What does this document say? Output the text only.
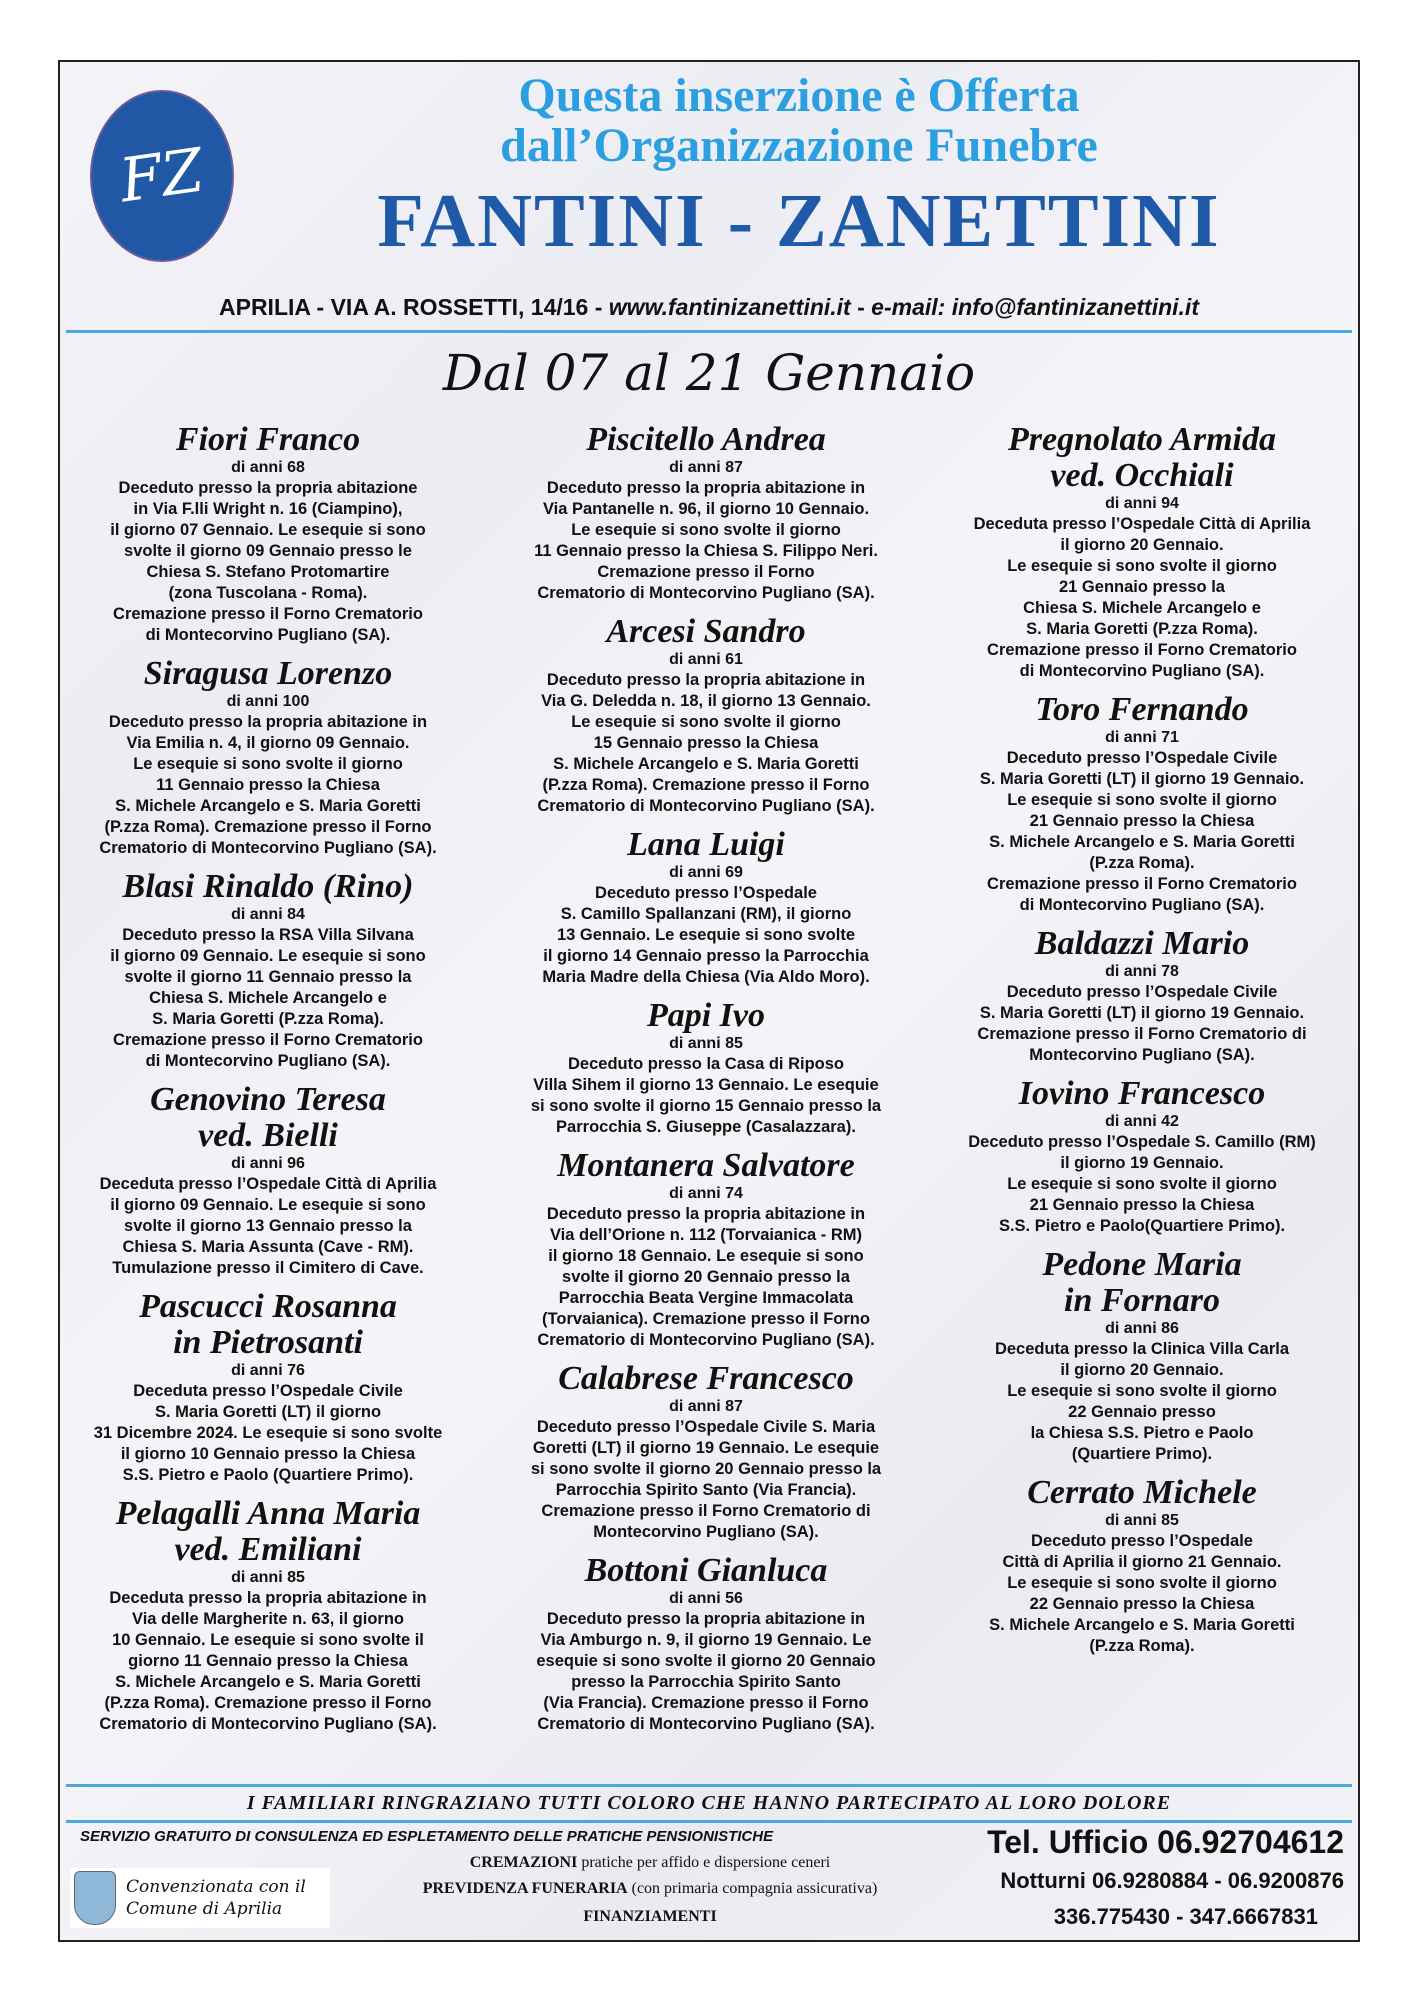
FZ
Questa inserzione è Offerta
dall’Organizzazione Funebre
FANTINI - ZANETTINI
APRILIA - VIA A. ROSSETTI, 14/16 - www.fantinizanettini.it - e-mail: info@fantinizanettini.it
Dal 07 al 21 Gennaio
Fiori Franco
di anni 68
Deceduto presso la propria abitazione
in Via F.lli Wright n. 16 (Ciampino),
il giorno 07 Gennaio. Le esequie si sono
svolte il giorno 09 Gennaio presso le
Chiesa S. Stefano Protomartire
(zona Tuscolana - Roma).
Cremazione presso il Forno Crematorio
di Montecorvino Pugliano (SA).
Siragusa Lorenzo
di anni 100
Deceduto presso la propria abitazione in
Via Emilia n. 4, il giorno 09 Gennaio.
Le esequie si sono svolte il giorno
11 Gennaio presso la Chiesa
S. Michele Arcangelo e S. Maria Goretti
(P.zza Roma). Cremazione presso il Forno
Crematorio di Montecorvino Pugliano (SA).
Blasi Rinaldo (Rino)
di anni 84
Deceduto presso la RSA Villa Silvana
il giorno 09 Gennaio. Le esequie si sono
svolte il giorno 11 Gennaio presso la
Chiesa S. Michele Arcangelo e
S. Maria Goretti (P.zza Roma).
Cremazione presso il Forno Crematorio
di Montecorvino Pugliano (SA).
Genovino Teresa
ved. Bielli
di anni 96
Deceduta presso l’Ospedale Città di Aprilia
il giorno 09 Gennaio. Le esequie si sono
svolte il giorno 13 Gennaio presso la
Chiesa S. Maria Assunta (Cave - RM).
Tumulazione presso il Cimitero di Cave.
Pascucci Rosanna
in Pietrosanti
di anni 76
Deceduta presso l’Ospedale Civile
S. Maria Goretti (LT) il giorno
31 Dicembre 2024. Le esequie si sono svolte
il giorno 10 Gennaio presso la Chiesa
S.S. Pietro e Paolo (Quartiere Primo).
Pelagalli Anna Maria
ved. Emiliani
di anni 85
Deceduta presso la propria abitazione in
Via delle Margherite n. 63, il giorno
10 Gennaio. Le esequie si sono svolte il
giorno 11 Gennaio presso la Chiesa
S. Michele Arcangelo e S. Maria Goretti
(P.zza Roma). Cremazione presso il Forno
Crematorio di Montecorvino Pugliano (SA).
Piscitello Andrea
di anni 87
Deceduto presso la propria abitazione in
Via Pantanelle n. 96, il giorno 10 Gennaio.
Le esequie si sono svolte il giorno
11 Gennaio presso la Chiesa S. Filippo Neri.
Cremazione presso il Forno
Crematorio di Montecorvino Pugliano (SA).
Arcesi Sandro
di anni 61
Deceduto presso la propria abitazione in
Via G. Deledda n. 18, il giorno 13 Gennaio.
Le esequie si sono svolte il giorno
15 Gennaio presso la Chiesa
S. Michele Arcangelo e S. Maria Goretti
(P.zza Roma). Cremazione presso il Forno
Crematorio di Montecorvino Pugliano (SA).
Lana Luigi
di anni 69
Deceduto presso l’Ospedale
S. Camillo Spallanzani (RM), il giorno
13 Gennaio. Le esequie si sono svolte
il giorno 14 Gennaio presso la Parrocchia
Maria Madre della Chiesa (Via Aldo Moro).
Papi Ivo
di anni 85
Deceduto presso la Casa di Riposo
Villa Sihem il giorno 13 Gennaio. Le esequie
si sono svolte il giorno 15 Gennaio presso la
Parrocchia S. Giuseppe (Casalazzara).
Montanera Salvatore
di anni 74
Deceduto presso la propria abitazione in
Via dell’Orione n. 112 (Torvaianica - RM)
il giorno 18 Gennaio. Le esequie si sono
svolte il giorno 20 Gennaio presso la
Parrocchia Beata Vergine Immacolata
(Torvaianica). Cremazione presso il Forno
Crematorio di Montecorvino Pugliano (SA).
Calabrese Francesco
di anni 87
Deceduto presso l’Ospedale Civile S. Maria
Goretti (LT) il giorno 19 Gennaio. Le esequie
si sono svolte il giorno 20 Gennaio presso la
Parrocchia Spirito Santo (Via Francia).
Cremazione presso il Forno Crematorio di
Montecorvino Pugliano (SA).
Bottoni Gianluca
di anni 56
Deceduto presso la propria abitazione in
Via Amburgo n. 9, il giorno 19 Gennaio. Le
esequie si sono svolte il giorno 20 Gennaio
presso la Parrocchia Spirito Santo
(Via Francia). Cremazione presso il Forno
Crematorio di Montecorvino Pugliano (SA).
Pregnolato Armida
ved. Occhiali
di anni 94
Deceduta presso l’Ospedale Città di Aprilia
il giorno 20 Gennaio.
Le esequie si sono svolte il giorno
21 Gennaio presso la
Chiesa S. Michele Arcangelo e
S. Maria Goretti (P.zza Roma).
Cremazione presso il Forno Crematorio
di Montecorvino Pugliano (SA).
Toro Fernando
di anni 71
Deceduto presso l’Ospedale Civile
S. Maria Goretti (LT) il giorno 19 Gennaio.
Le esequie si sono svolte il giorno
21 Gennaio presso la Chiesa
S. Michele Arcangelo e S. Maria Goretti
(P.zza Roma).
Cremazione presso il Forno Crematorio
di Montecorvino Pugliano (SA).
Baldazzi Mario
di anni 78
Deceduto presso l’Ospedale Civile
S. Maria Goretti (LT) il giorno 19 Gennaio.
Cremazione presso il Forno Crematorio di
Montecorvino Pugliano (SA).
Iovino Francesco
di anni 42
Deceduto presso l’Ospedale S. Camillo (RM)
il giorno 19 Gennaio.
Le esequie si sono svolte il giorno
21 Gennaio presso la Chiesa
S.S. Pietro e Paolo(Quartiere Primo).
Pedone Maria
in Fornaro
di anni 86
Deceduta presso la Clinica Villa Carla
il giorno 20 Gennaio.
Le esequie si sono svolte il giorno
22 Gennaio presso
la Chiesa S.S. Pietro e Paolo
(Quartiere Primo).
Cerrato Michele
di anni 85
Deceduto presso l’Ospedale
Città di Aprilia il giorno 21 Gennaio.
Le esequie si sono svolte il giorno
22 Gennaio presso la Chiesa
S. Michele Arcangelo e S. Maria Goretti
(P.zza Roma).
I FAMILIARI RINGRAZIANO TUTTI COLORO CHE HANNO PARTECIPATO AL LORO DOLORE
SERVIZIO GRATUITO DI CONSULENZA ED ESPLETAMENTO DELLE PRATICHE PENSIONISTICHE	Tel. Ufficio 06.92704612
Notturni 06.9280884 - 06.9200876
336.775430 - 347.6667831
Convenzionata con il
Comune di Aprilia
CREMAZIONI pratiche per affido e dispersione ceneri
PREVIDENZA FUNERARIA (con primaria compagnia assicurativa)
FINANZIAMENTI
